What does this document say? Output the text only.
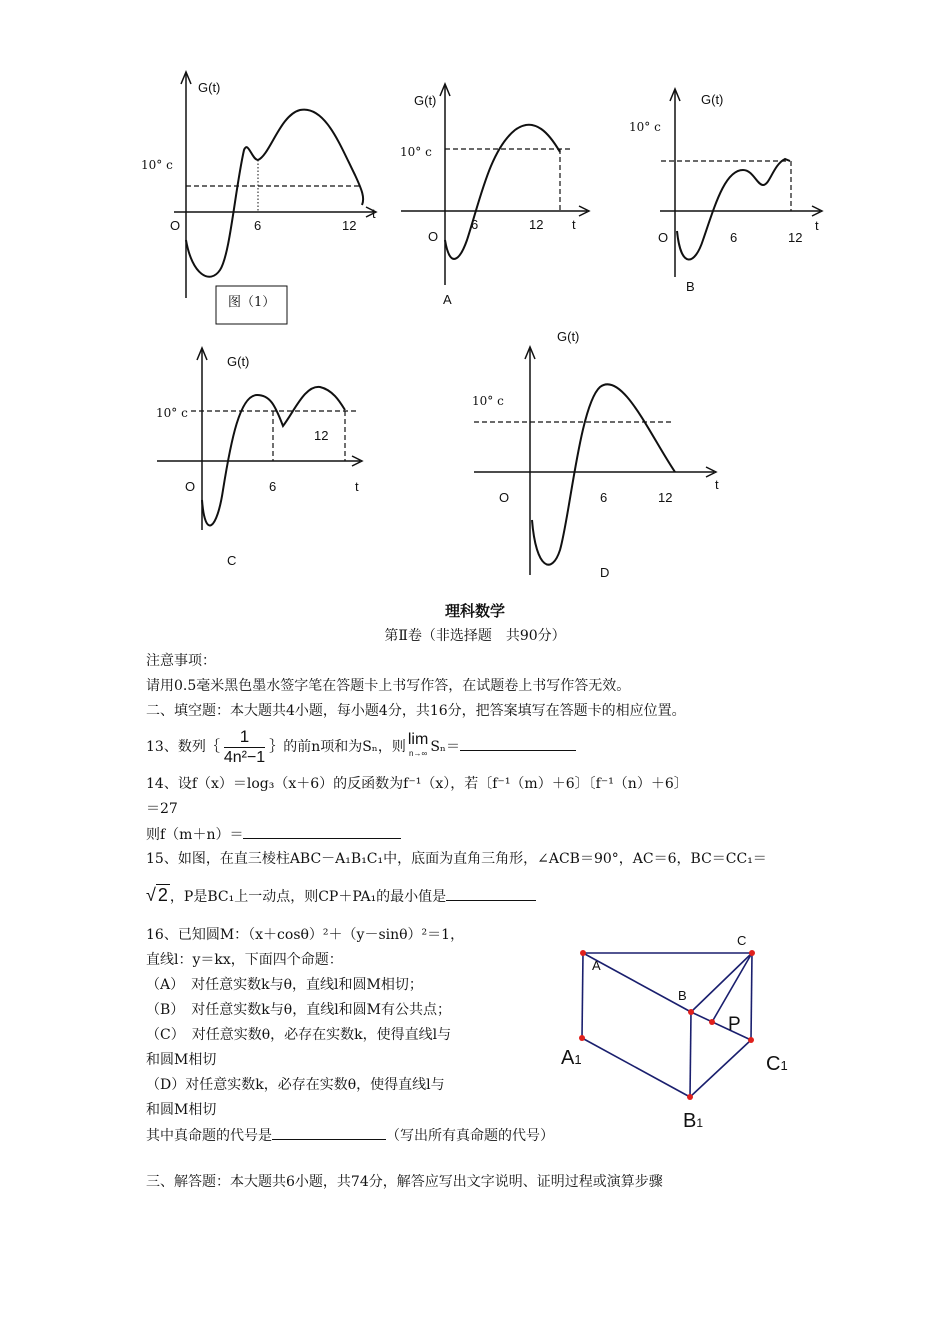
G(t)
10° c
O	6	12
t
图（1）
G(t)
10° c
O
6	12 t
A
G(t)
10° c
O	6	12
t
B
G(t)
10° c
O	6
12
t
C
G(t)
10° c
O	6	12
t
D
理科数学
第Ⅱ卷（非选择题　共90分）
注意事项：
请用0.5毫米黑色墨水签字笔在答题卡上书写作答，在试题卷上书写作答无效。
二、填空题：本大题共4小题，每小题4分，共16分，把答案填写在答题卡的相应位置。
13、数列｛ $\frac{1}{\text{4n²−1}}$ ｝的前n项和为Sₙ，则 lim
n→∞ Sₙ＝
14、设f（x）＝log₃（x＋6）的反函数为f⁻¹（x），若〔f⁻¹（m）＋6〕〔f⁻¹（n）＋6〕
＝27
则f（m＋n）＝
15、如图，在直三棱柱ABC－A₁B₁C₁中，底面为直角三角形，∠ACB＝90°，AC＝6，BC＝CC₁＝
√ 2 ，P是BC₁上一动点，则CP＋PA₁的最小值是
16、已知圆M：（x＋cosθ）²＋（y－sinθ）²＝1，
直线l：y＝kx，下面四个命题：
（A）　对任意实数k与θ，直线l和圆M相切；
（B）　对任意实数k与θ，直线l和圆M有公共点；
（C）　对任意实数θ，必存在实数k，使得直线l与
和圆M相切
（D）对任意实数k，必存在实数θ，使得直线l与
和圆M相切
其中真命题的代号是	（写出所有真命题的代号）
A
C
B
P
A1	C1
B1
三、解答题：本大题共6小题，共74分，解答应写出文字说明、证明过程或演算步骤
